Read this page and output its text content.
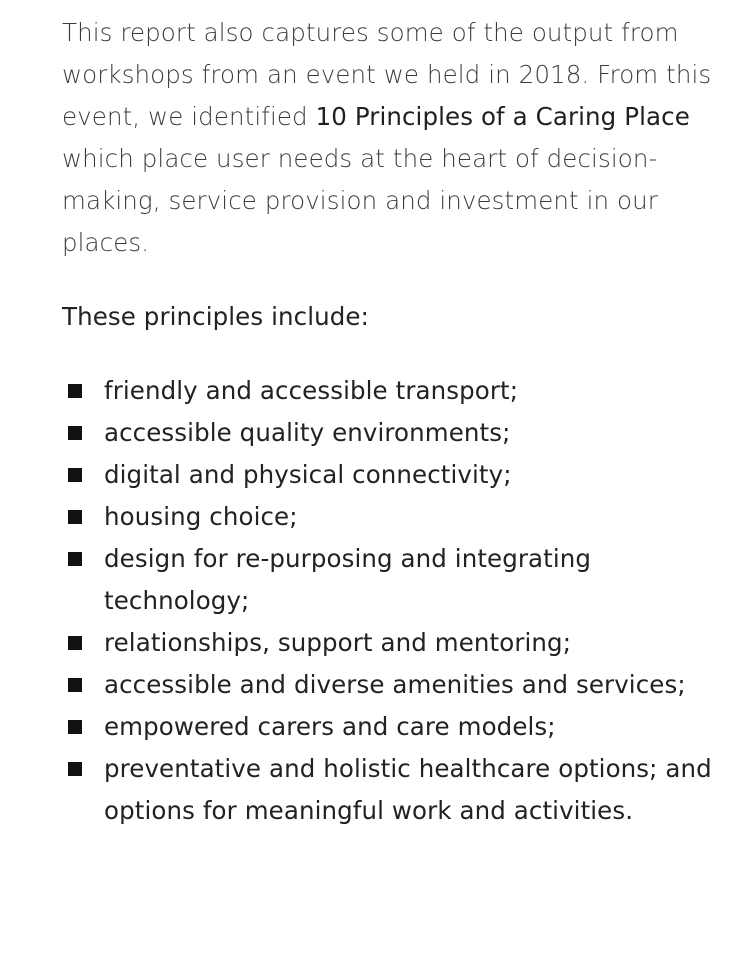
This report also captures some of the output from workshops from an event we held in 2018. From this event, we identified 10 Principles of a Caring Place which place user needs at the heart of decision-making, service provision and investment in our places.

These principles include:

friendly and accessible transport;
accessible quality environments;
digital and physical connectivity;
housing choice;
design for re-purposing and integrating technology;
relationships, support and mentoring;
accessible and diverse amenities and services;
empowered carers and care models;
preventative and holistic healthcare options; and options for meaningful work and activities.
